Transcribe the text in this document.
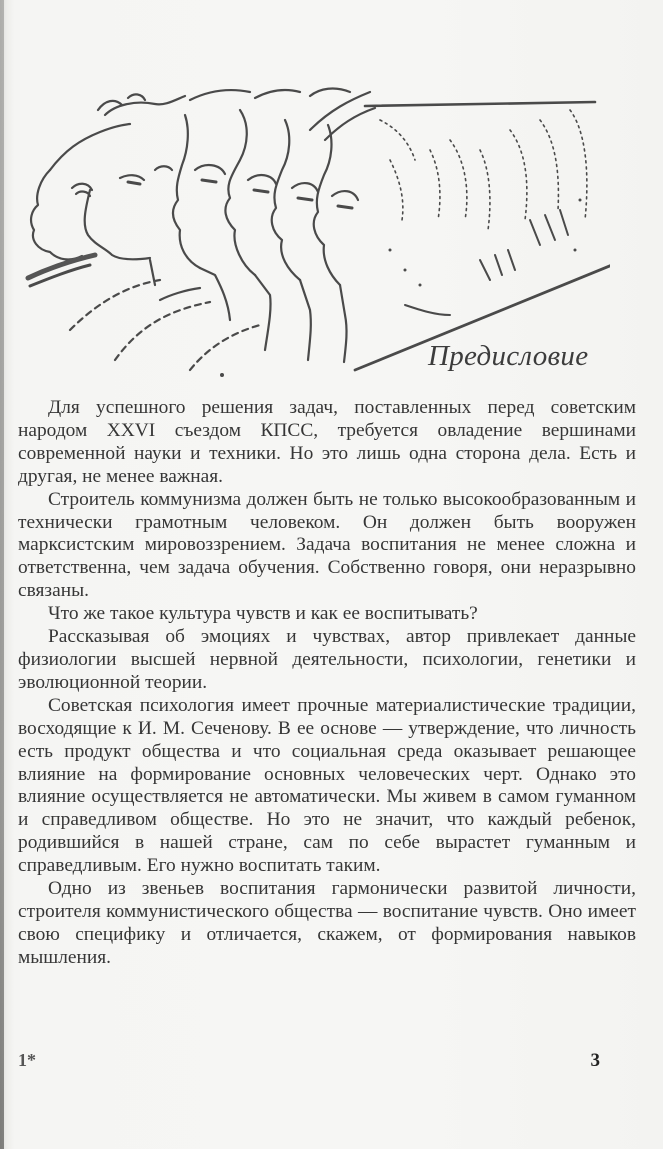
Предисловие

Для успешного решения задач, поставленных перед советским народом XXVI съездом КПСС, требуется овладение вершинами современной науки и техники. Но это лишь одна сторона дела. Есть и другая, не менее важная.

Строитель коммунизма должен быть не только высокообразованным и технически грамотным человеком. Он должен быть вооружен марксистским мировоззрением. Задача воспитания не менее сложна и ответственна, чем задача обучения. Собственно говоря, они неразрывно связаны.

Что же такое культура чувств и как ее воспитывать?

Рассказывая об эмоциях и чувствах, автор привлекает данные физиологии высшей нервной деятельности, психологии, генетики и эволюционной теории.

Советская психология имеет прочные материалистические традиции, восходящие к И. М. Сеченову. В ее основе — утверждение, что личность есть продукт общества и что социальная среда оказывает решающее влияние на формирование основных человеческих черт. Однако это влияние осуществляется не автоматически. Мы живем в самом гуманном и справедливом обществе. Но это не значит, что каждый ребенок, родившийся в нашей стране, сам по себе вырастет гуманным и справедливым. Его нужно воспитать таким.

Одно из звеньев воспитания гармонически развитой личности, строителя коммунистического общества — воспитание чувств. Оно имеет свою специфику и отличается, скажем, от формирования навыков мышления.

1*	3
